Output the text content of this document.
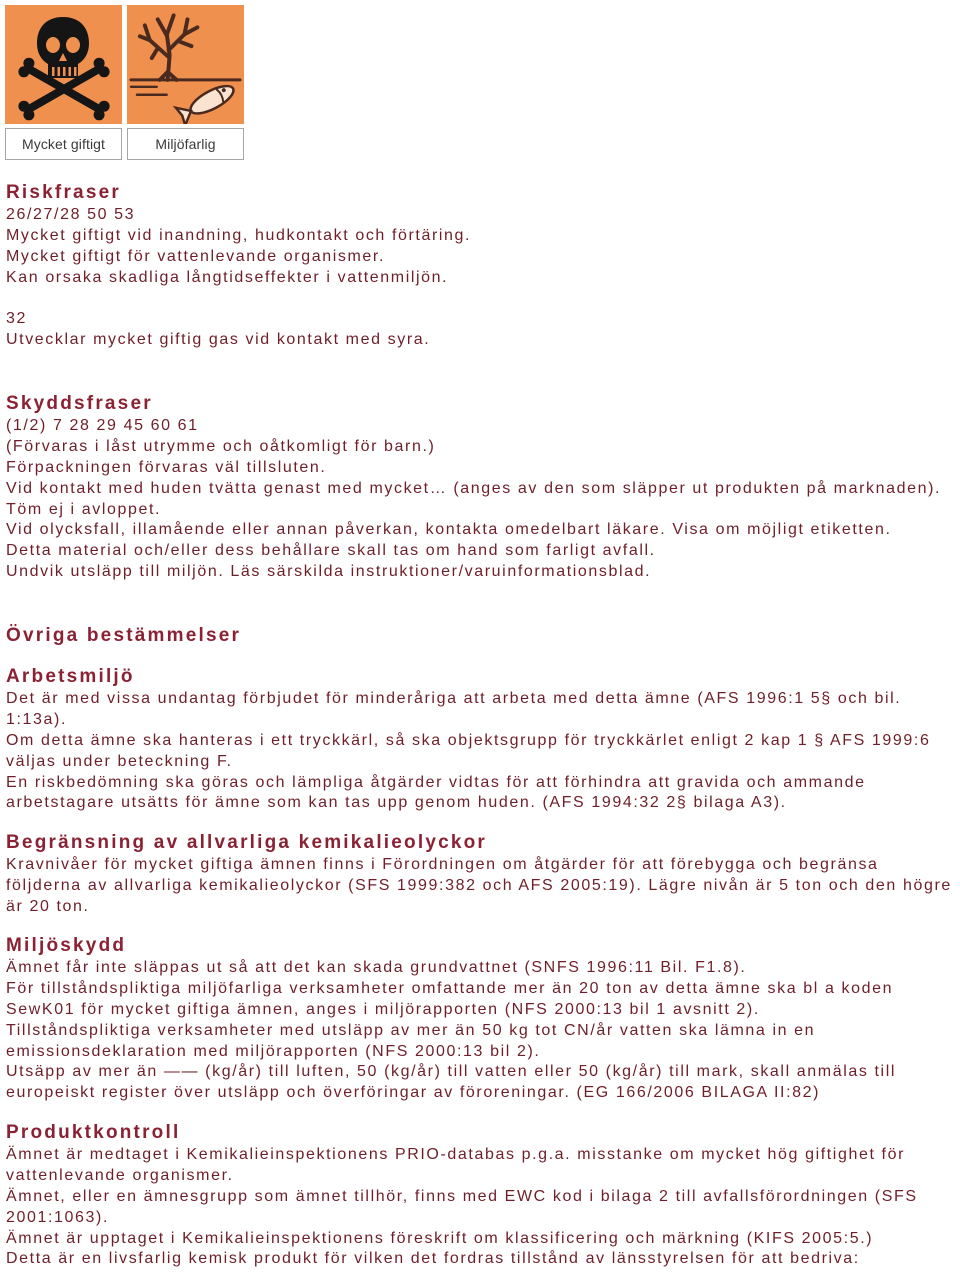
Mycket giftigt	Miljöfarlig
Riskfraser
26/27/28 50 53
Mycket giftigt vid inandning, hudkontakt och förtäring.
Mycket giftigt för vattenlevande organismer.
Kan orsaka skadliga långtidseffekter i vattenmiljön.
32
Utvecklar mycket giftig gas vid kontakt med syra.
Skyddsfraser
(1/2) 7 28 29 45 60 61
(Förvaras i låst utrymme och oåtkomligt för barn.)
Förpackningen förvaras väl tillsluten.
Vid kontakt med huden tvätta genast med mycket… (anges av den som släpper ut produkten på marknaden).
Töm ej i avloppet.
Vid olycksfall, illamående eller annan påverkan, kontakta omedelbart läkare. Visa om möjligt etiketten.
Detta material och/eller dess behållare skall tas om hand som farligt avfall.
Undvik utsläpp till miljön. Läs särskilda instruktioner/varuinformationsblad.
Övriga bestämmelser
Arbetsmiljö
Det är med vissa undantag förbjudet för minderåriga att arbeta med detta ämne (AFS 1996:1 5§ och bil.
1:13a).
Om detta ämne ska hanteras i ett tryckkärl, så ska objektsgrupp för tryckkärlet enligt 2 kap 1 § AFS 1999:6
väljas under beteckning F.
En riskbedömning ska göras och lämpliga åtgärder vidtas för att förhindra att gravida och ammande
arbetstagare utsätts för ämne som kan tas upp genom huden. (AFS 1994:32 2§ bilaga A3).
Begränsning av allvarliga kemikalieolyckor
Kravnivåer för mycket giftiga ämnen finns i Förordningen om åtgärder för att förebygga och begränsa
följderna av allvarliga kemikalieolyckor (SFS 1999:382 och AFS 2005:19). Lägre nivån är 5 ton och den högre
är 20 ton.
Miljöskydd
Ämnet får inte släppas ut så att det kan skada grundvattnet (SNFS 1996:11 Bil. F1.8).
För tillståndspliktiga miljöfarliga verksamheter omfattande mer än 20 ton av detta ämne ska bl a koden
SewK01 för mycket giftiga ämnen, anges i miljörapporten (NFS 2000:13 bil 1 avsnitt 2).
Tillståndspliktiga verksamheter med utsläpp av mer än 50 kg tot CN/år vatten ska lämna in en
emissionsdeklaration med miljörapporten (NFS 2000:13 bil 2).
Utsäpp av mer än —— (kg/år) till luften, 50 (kg/år) till vatten eller 50 (kg/år) till mark, skall anmälas till
europeiskt register över utsläpp och överföringar av föroreningar. (EG 166/2006 BILAGA II:82)
Produktkontroll
Ämnet är medtaget i Kemikalieinspektionens PRIO-databas p.g.a. misstanke om mycket hög giftighet för
vattenlevande organismer.
Ämnet, eller en ämnesgrupp som ämnet tillhör, finns med EWC kod i bilaga 2 till avfallsförordningen (SFS
2001:1063).
Ämnet är upptaget i Kemikalieinspektionens föreskrift om klassificering och märkning (KIFS 2005:5.)
Detta är en livsfarlig kemisk produkt för vilken det fordras tillstånd av länsstyrelsen för att bedriva:
